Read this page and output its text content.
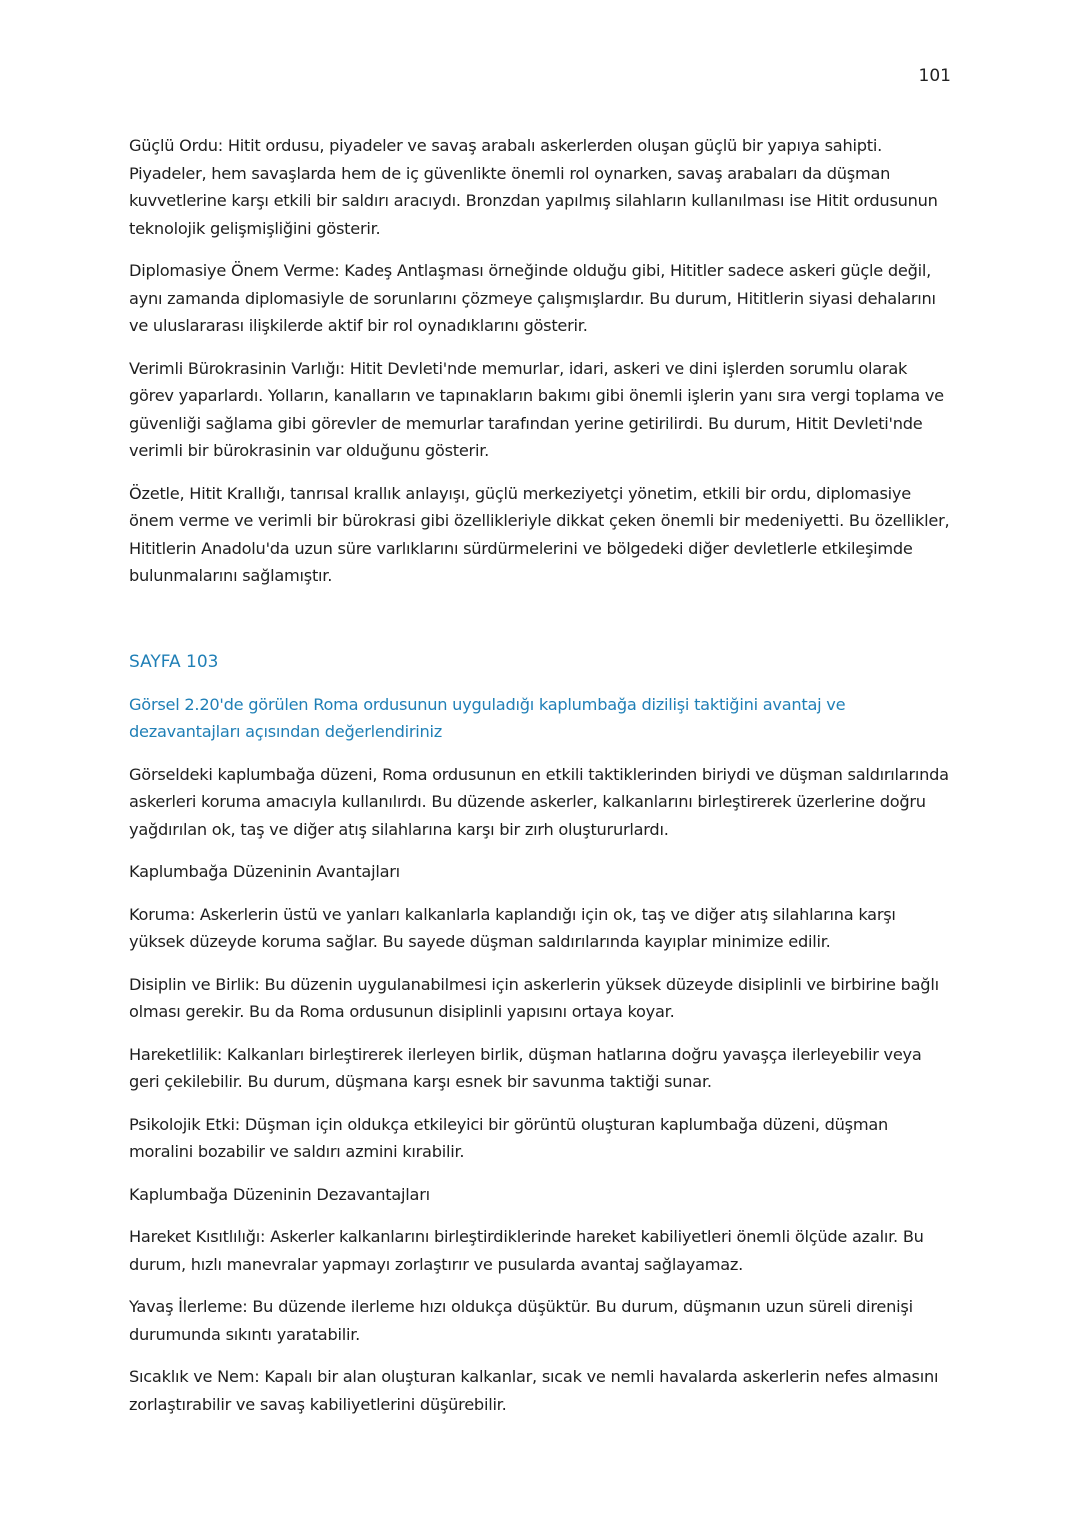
101

Güçlü Ordu: Hitit ordusu, piyadeler ve savaş arabalı askerlerden oluşan güçlü bir yapıya sahipti. Piyadeler, hem savaşlarda hem de iç güvenlikte önemli rol oynarken, savaş arabaları da düşman kuvvetlerine karşı etkili bir saldırı aracıydı. Bronzdan yapılmış silahların kullanılması ise Hitit ordusunun teknolojik gelişmişliğini gösterir.

Diplomasiye Önem Verme: Kadeş Antlaşması örneğinde olduğu gibi, Hititler sadece askeri güçle değil, aynı zamanda diplomasiyle de sorunlarını çözmeye çalışmışlardır. Bu durum, Hititlerin siyasi dehalarını ve uluslararası ilişkilerde aktif bir rol oynadıklarını gösterir.

Verimli Bürokrasinin Varlığı: Hitit Devleti'nde memurlar, idari, askeri ve dini işlerden sorumlu olarak görev yaparlardı. Yolların, kanalların ve tapınakların bakımı gibi önemli işlerin yanı sıra vergi toplama ve güvenliği sağlama gibi görevler de memurlar tarafından yerine getirilirdi. Bu durum, Hitit Devleti'nde verimli bir bürokrasinin var olduğunu gösterir.

Özetle, Hitit Krallığı, tanrısal krallık anlayışı, güçlü merkeziyetçi yönetim, etkili bir ordu, diplomasiye önem verme ve verimli bir bürokrasi gibi özellikleriyle dikkat çeken önemli bir medeniyetti. Bu özellikler, Hititlerin Anadolu'da uzun süre varlıklarını sürdürmelerini ve bölgedeki diğer devletlerle etkileşimde bulunmalarını sağlamıştır.

SAYFA 103

Görsel 2.20'de görülen Roma ordusunun uyguladığı kaplumbağa dizilişi taktiğini avantaj ve dezavantajları açısından değerlendiriniz

Görseldeki kaplumbağa düzeni, Roma ordusunun en etkili taktiklerinden biriydi ve düşman saldırılarında askerleri koruma amacıyla kullanılırdı. Bu düzende askerler, kalkanlarını birleştirerek üzerlerine doğru yağdırılan ok, taş ve diğer atış silahlarına karşı bir zırh oluştururlardı.

Kaplumbağa Düzeninin Avantajları

Koruma: Askerlerin üstü ve yanları kalkanlarla kaplandığı için ok, taş ve diğer atış silahlarına karşı yüksek düzeyde koruma sağlar. Bu sayede düşman saldırılarında kayıplar minimize edilir.

Disiplin ve Birlik: Bu düzenin uygulanabilmesi için askerlerin yüksek düzeyde disiplinli ve birbirine bağlı olması gerekir. Bu da Roma ordusunun disiplinli yapısını ortaya koyar.

Hareketlilik: Kalkanları birleştirerek ilerleyen birlik, düşman hatlarına doğru yavaşça ilerleyebilir veya geri çekilebilir. Bu durum, düşmana karşı esnek bir savunma taktiği sunar.

Psikolojik Etki: Düşman için oldukça etkileyici bir görüntü oluşturan kaplumbağa düzeni, düşman moralini bozabilir ve saldırı azmini kırabilir.

Kaplumbağa Düzeninin Dezavantajları

Hareket Kısıtlılığı: Askerler kalkanlarını birleştirdiklerinde hareket kabiliyetleri önemli ölçüde azalır. Bu durum, hızlı manevralar yapmayı zorlaştırır ve pusularda avantaj sağlayamaz.

Yavaş İlerleme: Bu düzende ilerleme hızı oldukça düşüktür. Bu durum, düşmanın uzun süreli direnişi durumunda sıkıntı yaratabilir.

Sıcaklık ve Nem: Kapalı bir alan oluşturan kalkanlar, sıcak ve nemli havalarda askerlerin nefes almasını zorlaştırabilir ve savaş kabiliyetlerini düşürebilir.
